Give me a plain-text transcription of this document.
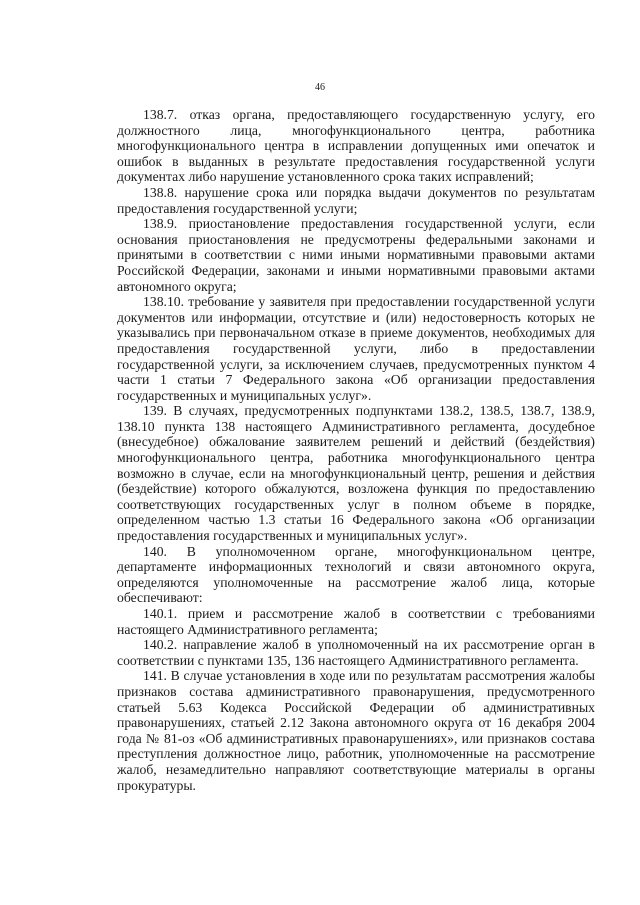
46

138.7. отказ органа, предоставляющего государственную услугу, его должностного лица, многофункционального центра, работника многофункционального центра в исправлении допущенных ими опечаток и ошибок в выданных в результате предоставления государственной услуги документах либо нарушение установленного срока таких исправлений;

138.8. нарушение срока или порядка выдачи документов по результатам предоставления государственной услуги;

138.9. приостановление предоставления государственной услуги, если основания приостановления не предусмотрены федеральными законами и принятыми в соответствии с ними иными нормативными правовыми актами Российской Федерации, законами и иными нормативными правовыми актами автономного округа;

138.10. требование у заявителя при предоставлении государственной услуги документов или информации, отсутствие и (или) недостоверность которых не указывались при первоначальном отказе в приеме документов, необходимых для предоставления государственной услуги, либо в предоставлении государственной услуги, за исключением случаев, предусмотренных пунктом 4 части 1 статьи 7 Федерального закона «Об организации предоставления государственных и муниципальных услуг».

139. В случаях, предусмотренных подпунктами 138.2, 138.5, 138.7, 138.9, 138.10 пункта 138 настоящего Административного регламента, досудебное (внесудебное) обжалование заявителем решений и действий (бездействия) многофункционального центра, работника многофункционального центра возможно в случае, если на многофункциональный центр, решения и действия (бездействие) которого обжалуются, возложена функция по предоставлению соответствующих государственных услуг в полном объеме в порядке, определенном частью 1.3 статьи 16 Федерального закона «Об организации предоставления государственных и муниципальных услуг».

140. В уполномоченном органе, многофункциональном центре, департаменте информационных технологий и связи автономного округа, определяются уполномоченные на рассмотрение жалоб лица, которые обеспечивают:

140.1. прием и рассмотрение жалоб в соответствии с требованиями настоящего Административного регламента;

140.2. направление жалоб в уполномоченный на их рассмотрение орган в соответствии с пунктами 135, 136 настоящего Административного регламента.

141. В случае установления в ходе или по результатам рассмотрения жалобы признаков состава административного правонарушения, предусмотренного статьей 5.63 Кодекса Российской Федерации об административных правонарушениях, статьей 2.12 Закона автономного округа от 16 декабря 2004 года № 81-оз «Об административных правонарушениях», или признаков состава преступления должностное лицо, работник, уполномоченные на рассмотрение жалоб, незамедлительно направляют соответствующие материалы в органы прокуратуры.
